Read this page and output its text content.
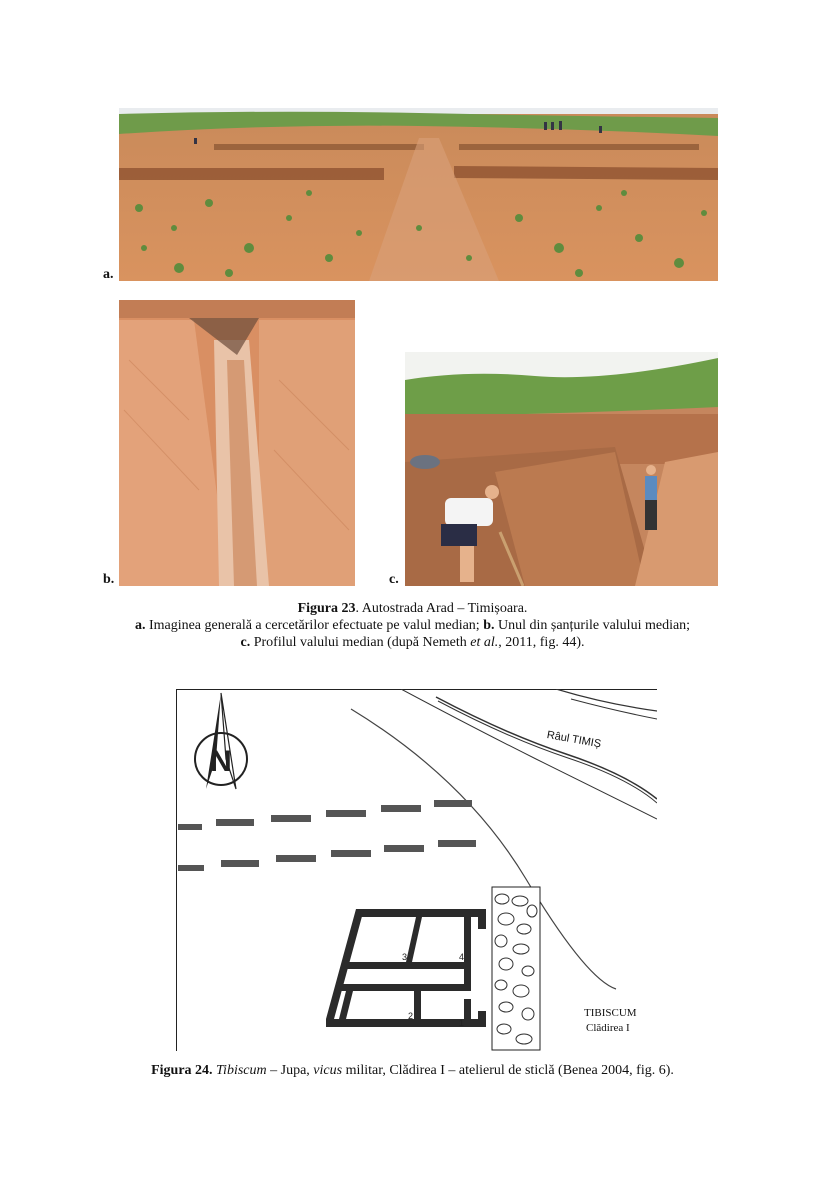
a.
b.	c.
Figura 23. Autostrada Arad – Timișoara.
a. Imaginea generală a cercetărilor efectuate pe valul median; b. Unul din șanțurile valului median;
c. Profilul valului median (după Nemeth et al., 2011, fig. 44).
N
3	4
2
1
Râul TIMIȘ
TIBISCUM
Clădirea I
Figura 24. Tibiscum – Jupa, vicus militar, Clădirea I – atelierul de sticlă (Benea 2004, fig. 6).
